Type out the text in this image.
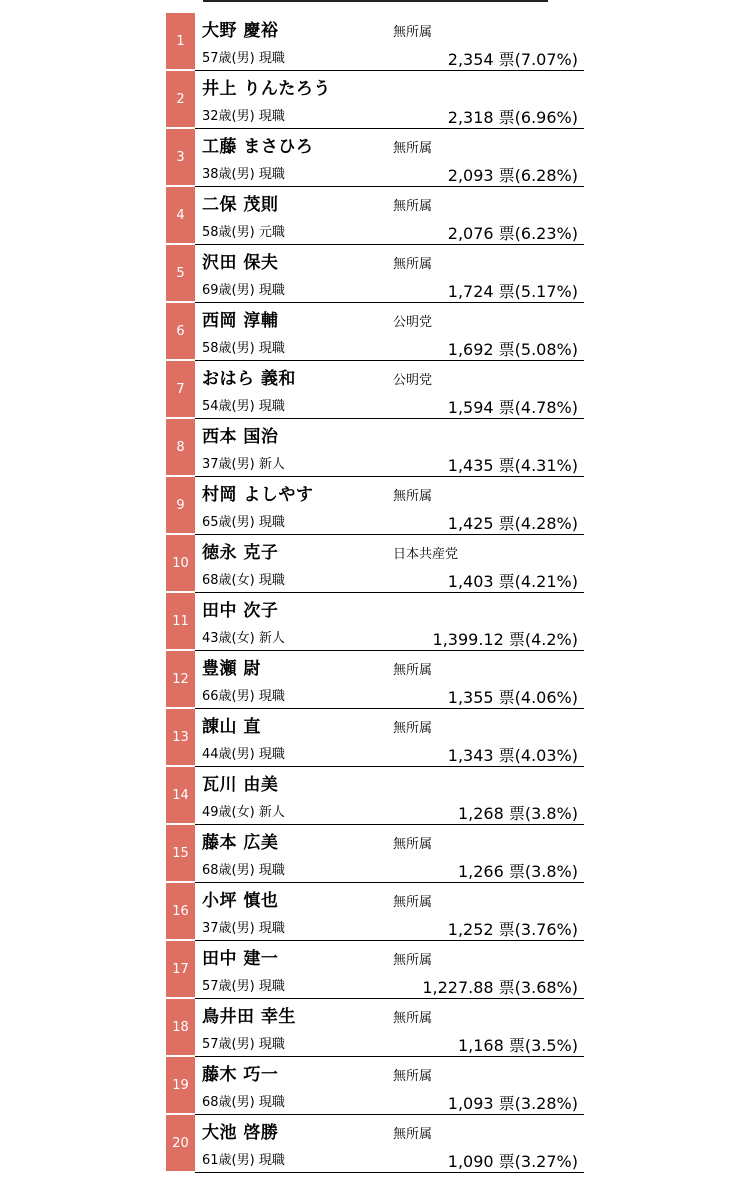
1	大野 慶裕	無所属
57歳(男) 現職	2,354 票(7.07%)
2	井上 りんたろう
32歳(男) 現職	2,318 票(6.96%)
3	工藤 まさひろ	無所属
38歳(男) 現職	2,093 票(6.28%)
4	二保 茂則	無所属
58歳(男) 元職	2,076 票(6.23%)
5	沢田 保夫	無所属
69歳(男) 現職	1,724 票(5.17%)
6	西岡 淳輔	公明党
58歳(男) 現職	1,692 票(5.08%)
7	おはら 義和	公明党
54歳(男) 現職	1,594 票(4.78%)
8	西本 国治
37歳(男) 新人	1,435 票(4.31%)
9	村岡 よしやす	無所属
65歳(男) 現職	1,425 票(4.28%)
10 徳永 克子	日本共産党
68歳(女) 現職	1,403 票(4.21%)
11 田中 次子
43歳(女) 新人	1,399.12 票(4.2%)
12 豊瀬 尉	無所属
66歳(男) 現職	1,355 票(4.06%)
13 諌山 直	無所属
44歳(男) 現職	1,343 票(4.03%)
14 瓦川 由美
49歳(女) 新人	1,268 票(3.8%)
15 藤本 広美	無所属
68歳(男) 現職	1,266 票(3.8%)
16 小坪 慎也	無所属
37歳(男) 現職	1,252 票(3.76%)
17 田中 建一	無所属
57歳(男) 現職	1,227.88 票(3.68%)
18 鳥井田 幸生	無所属
57歳(男) 現職	1,168 票(3.5%)
19 藤木 巧一	無所属
68歳(男) 現職	1,093 票(3.28%)
20 大池 啓勝	無所属
61歳(男) 現職	1,090 票(3.27%)
